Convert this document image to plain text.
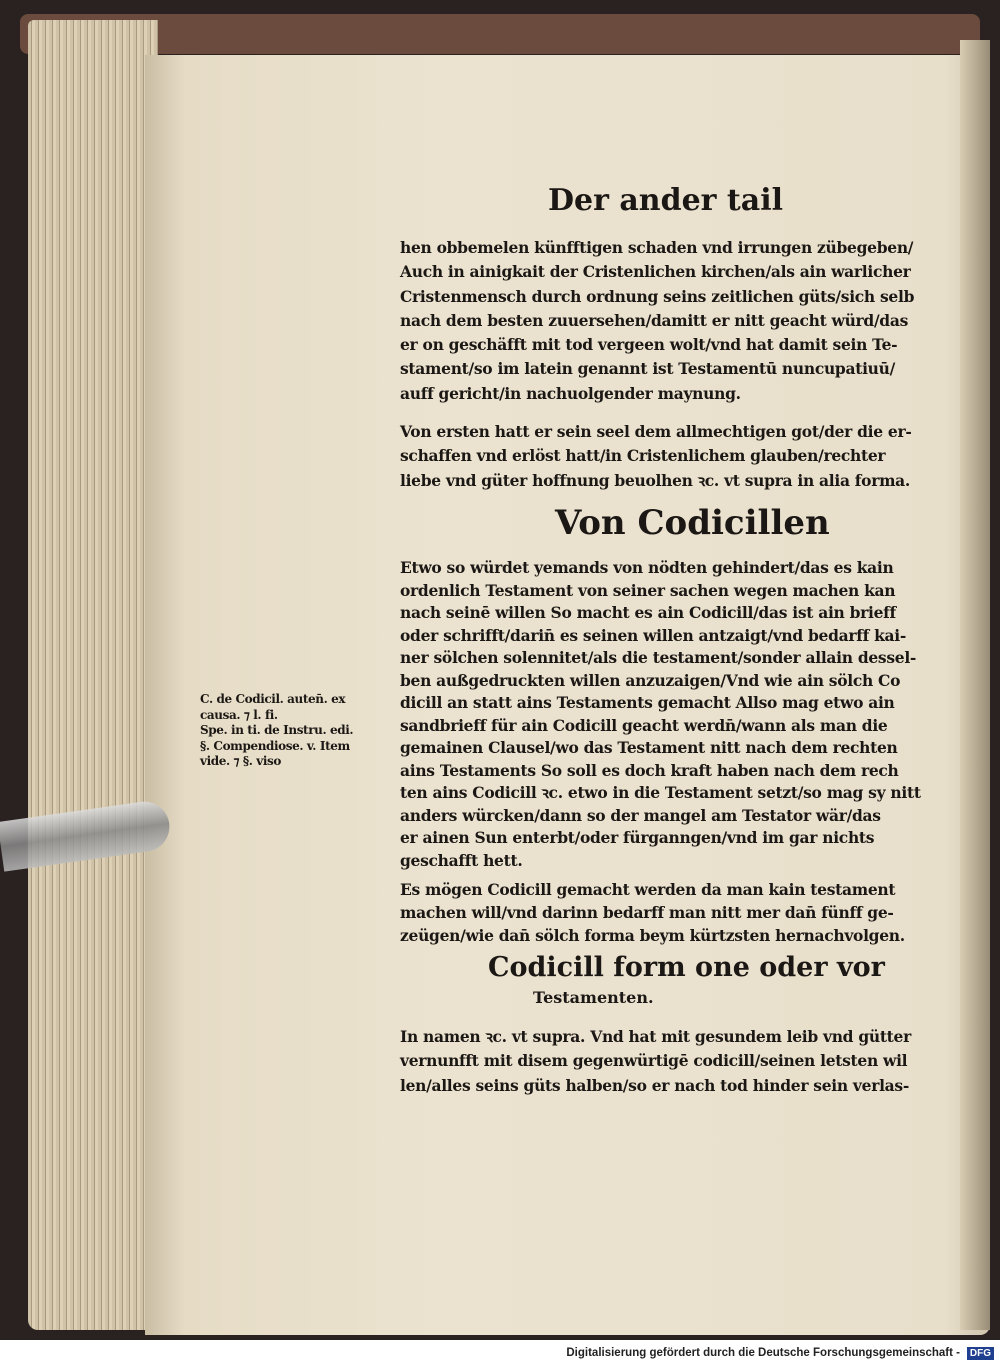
Der ander tail
hen obbemelen künfftigen schaden vnd irrungen zübegeben/
Auch in ainigkait der Cristenlichen kirchen/als ain warlicher
Cristenmensch durch ordnung seins zeitlichen güts/sich selb
nach dem besten zuuersehen/damitt er nitt geacht würd/das
er on geschäfft mit tod vergeen wolt/vnd hat damit sein Te-
stament/so im latein genannt ist Testamentū nuncupatiuū/
auff gericht/in nachuolgender maynung.
Von ersten hatt er sein seel dem allmechtigen got/der die er-
schaffen vnd erlöst hatt/in Cristenlichem glauben/rechter
liebe vnd güter hoffnung beuolhen ꝛc. vt supra in alia forma.
Von Codicillen
Etwo so würdet yemands von nödten gehindert/das es kain
ordenlich Testament von seiner sachen wegen machen kan
nach seinē willen So macht es ain Codicill/das ist ain brieff
oder schrifft/darin̄ es seinen willen antzaigt/vnd bedarff kai-
ner sölchen solennitet/als die testament/sonder allain dessel-
ben außgedruckten willen anzuzaigen/Vnd wie ain sölch Co
dicill an statt ains Testaments gemacht Allso mag etwo ain
sandbrieff für ain Codicill geacht werdn̄/wann als man die
gemainen Clausel/wo das Testament nitt nach dem rechten
ains Testaments So soll es doch kraft haben nach dem rech
ten ains Codicill ꝛc. etwo in die Testament setzt/so mag sy nitt
anders würcken/dann so der mangel am Testator wär/das
er ainen Sun enterbt/oder fürganngen/vnd im gar nichts
geschafft hett.
Es mögen Codicill gemacht werden da man kain testament
machen will/vnd darinn bedarff man nitt mer dan̄ fünff ge-
zeügen/wie dan̄ sölch forma beym kürtzsten hernachvolgen.
Codicill form one oder vor
Testamenten.
In namen ꝛc. vt supra. Vnd hat mit gesundem leib vnd gütter
vernunfft mit disem gegenwürtigē codicill/seinen letsten wil
len/alles seins güts halben/so er nach tod hinder sein verlas-
C. de Codicil. auten̄. ex
causa. ⁊ l. fi.
Spe. in ti. de Instru. edi.
§. Compendiose. v. Item
vide. ⁊ §. viso
Digitalisierung gefördert durch die Deutsche Forschungsgemeinschaft - DFG
